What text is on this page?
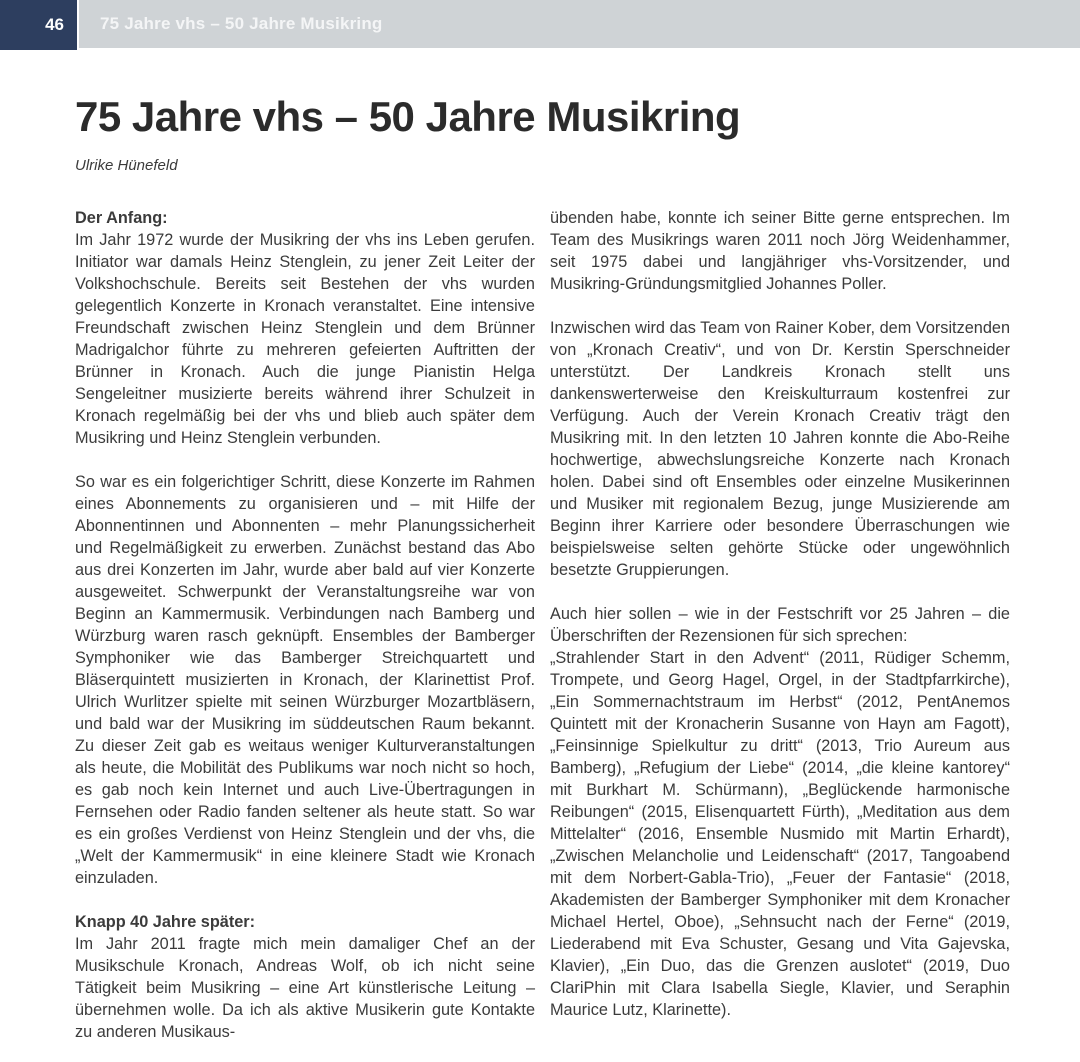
46 75 Jahre vhs – 50 Jahre Musikring
75 Jahre vhs – 50 Jahre Musikring
Ulrike Hünefeld
Der Anfang:
Im Jahr 1972 wurde der Musikring der vhs ins Leben gerufen. Initiator war damals Heinz Stenglein, zu jener Zeit Leiter der Volkshochschule. Bereits seit Bestehen der vhs wurden gelegentlich Konzerte in Kronach veranstaltet. Eine intensive Freundschaft zwischen Heinz Stenglein und dem Brünner Madrigalchor führte zu mehreren gefeierten Auftritten der Brünner in Kronach. Auch die junge Pianistin Helga Sengeleitner musizierte bereits während ihrer Schulzeit in Kronach regelmäßig bei der vhs und blieb auch später dem Musikring und Heinz Stenglein verbunden.
So war es ein folgerichtiger Schritt, diese Konzerte im Rahmen eines Abonnements zu organisieren und – mit Hilfe der Abonnentinnen und Abonnenten – mehr Planungssicherheit und Regelmäßigkeit zu erwerben. Zunächst bestand das Abo aus drei Konzerten im Jahr, wurde aber bald auf vier Konzerte ausgeweitet. Schwerpunkt der Veranstaltungsreihe war von Beginn an Kammermusik. Verbindungen nach Bamberg und Würzburg waren rasch geknüpft. Ensembles der Bamberger Symphoniker wie das Bamberger Streichquartett und Bläserquintett musizierten in Kronach, der Klarinettist Prof. Ulrich Wurlitzer spielte mit seinen Würzburger Mozartbläsern, und bald war der Musikring im süddeutschen Raum bekannt. Zu dieser Zeit gab es weitaus weniger Kulturveranstaltungen als heute, die Mobilität des Publikums war noch nicht so hoch, es gab noch kein Internet und auch Live-Übertragungen in Fernsehen oder Radio fanden seltener als heute statt. So war es ein großes Verdienst von Heinz Stenglein und der vhs, die „Welt der Kammermusik“ in eine kleinere Stadt wie Kronach einzuladen.
Knapp 40 Jahre später:
Im Jahr 2011 fragte mich mein damaliger Chef an der Musikschule Kronach, Andreas Wolf, ob ich nicht seine Tätigkeit beim Musikring – eine Art künstlerische Leitung – übernehmen wolle. Da ich als aktive Musikerin gute Kontakte zu anderen Musikaus-
übenden habe, konnte ich seiner Bitte gerne entsprechen. Im Team des Musikrings waren 2011 noch Jörg Weidenhammer, seit 1975 dabei und langjähriger vhs-Vorsitzender, und Musikring-Gründungsmitglied Johannes Poller.
Inzwischen wird das Team von Rainer Kober, dem Vorsitzenden von „Kronach Creativ“, und von Dr. Kerstin Sperschneider unterstützt. Der Landkreis Kronach stellt uns dankenswerterweise den Kreiskulturraum kostenfrei zur Verfügung. Auch der Verein Kronach Creativ trägt den Musikring mit. In den letzten 10 Jahren konnte die Abo-Reihe hochwertige, abwechslungsreiche Konzerte nach Kronach holen. Dabei sind oft Ensembles oder einzelne Musikerinnen und Musiker mit regionalem Bezug, junge Musizierende am Beginn ihrer Karriere oder besondere Überraschungen wie beispielsweise selten gehörte Stücke oder ungewöhnlich besetzte Gruppierungen.
Auch hier sollen – wie in der Festschrift vor 25 Jahren – die Überschriften der Rezensionen für sich sprechen:
„Strahlender Start in den Advent“ (2011, Rüdiger Schemm, Trompete, und Georg Hagel, Orgel, in der Stadtpfarrkirche), „Ein Sommernachtstraum im Herbst“ (2012, PentAnemos Quintett mit der Kronacherin Susanne von Hayn am Fagott), „Feinsinnige Spielkultur zu dritt“ (2013, Trio Aureum aus Bamberg), „Refugium der Liebe“ (2014, „die kleine kantorey“ mit Burkhart M. Schürmann), „Beglückende harmonische Reibungen“ (2015, Elisenquartett Fürth), „Meditation aus dem Mittelalter“ (2016, Ensemble Nusmido mit Martin Erhardt), „Zwischen Melancholie und Leidenschaft“ (2017, Tangoabend mit dem Norbert-Gabla-Trio), „Feuer der Fantasie“ (2018, Akademisten der Bamberger Symphoniker mit dem Kronacher Michael Hertel, Oboe), „Sehnsucht nach der Ferne“ (2019, Liederabend mit Eva Schuster, Gesang und Vita Gajevska, Klavier), „Ein Duo, das die Grenzen auslotet“ (2019, Duo ClariPhin mit Clara Isabella Siegle, Klavier, und Seraphin Maurice Lutz, Klarinette).
